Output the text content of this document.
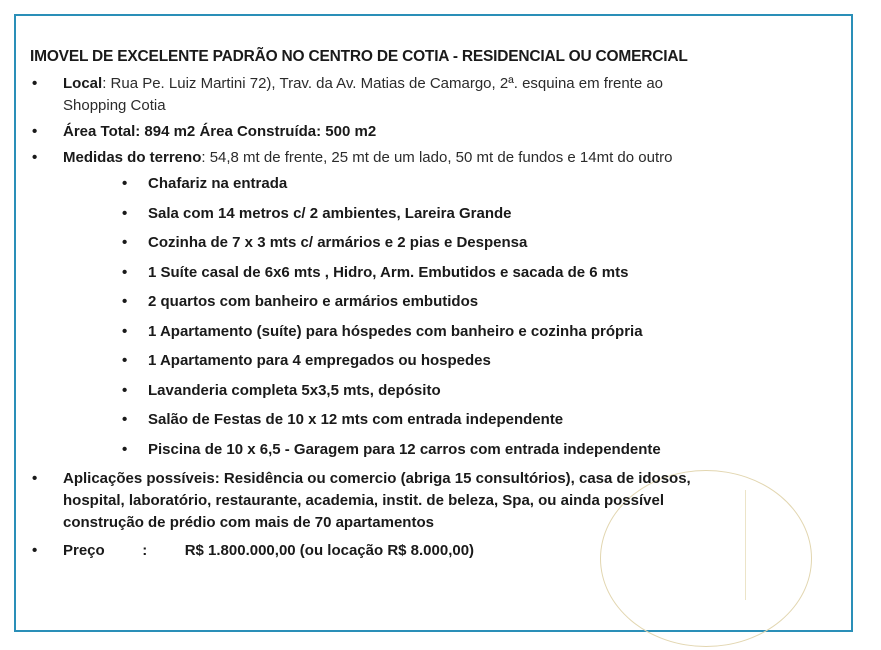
IMOVEL DE EXCELENTE PADRÃO NO CENTRO DE COTIA - RESIDENCIAL OU COMERCIAL
• Local: Rua Pe. Luiz Martini 72), Trav. da Av. Matias de Camargo, 2ª. esquina em frente ao
Shopping Cotia
• Área Total: 894 m2 Área Construída: 500 m2
• Medidas do terreno: 54,8 mt de frente, 25 mt de um lado, 50 mt de fundos e 14mt do outro
• Chafariz na entrada
• Sala com 14 metros c/ 2 ambientes, Lareira Grande
• Cozinha de 7 x 3 mts c/ armários e 2 pias e Despensa
• 1 Suíte casal de 6x6 mts , Hidro, Arm. Embutidos e sacada de 6 mts
• 2 quartos com banheiro e armários embutidos
• 1 Apartamento (suíte) para hóspedes com banheiro e cozinha própria
• 1 Apartamento para 4 empregados ou hospedes
• Lavanderia completa 5x3,5 mts, depósito
• Salão de Festas de 10 x 12 mts com entrada independente
• Piscina de 10 x 6,5 - Garagem para 12 carros com entrada independente
• Aplicações possíveis: Residência ou comercio (abriga 15 consultórios), casa de idosos,
hospital, laboratório, restaurante, academia, instit. de beleza, Spa, ou ainda possível
construção de prédio com mais de 70 apartamentos
• Preço	:	R$ 1.800.000,00 (ou locação R$ 8.000,00)
